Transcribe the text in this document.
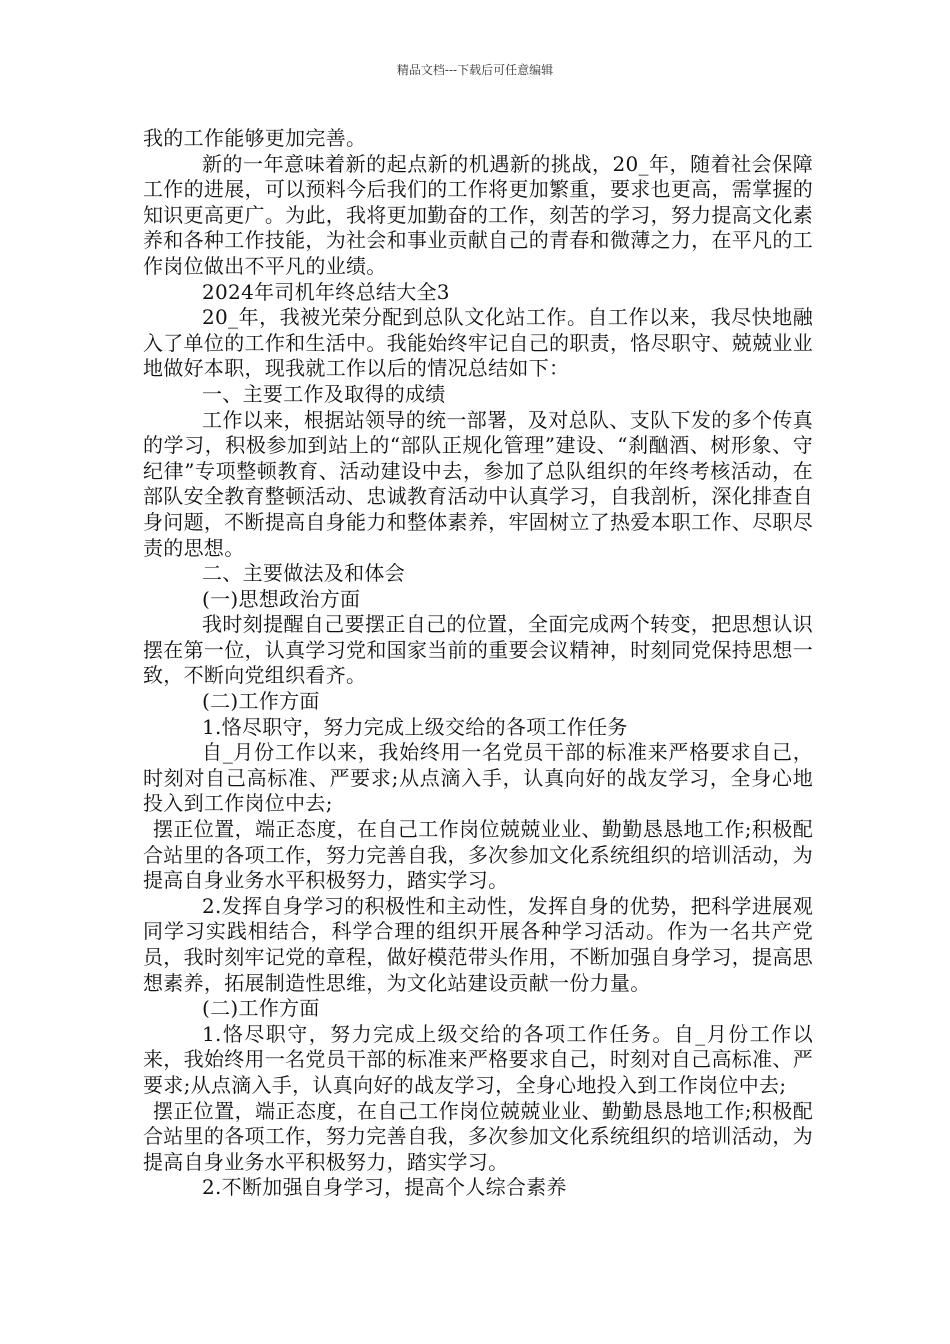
精品文档---下载后可任意编辑

我的工作能够更加完善。

新的一年意味着新的起点新的机遇新的挑战，20_年，随着社会保障工作的进展，可以预料今后我们的工作将更加繁重，要求也更高，需掌握的知识更高更广。为此，我将更加勤奋的工作，刻苦的学习，努力提高文化素养和各种工作技能，为社会和事业贡献自己的青春和微薄之力，在平凡的工作岗位做出不平凡的业绩。

2024年司机年终总结大全3

20_年，我被光荣分配到总队文化站工作。自工作以来，我尽快地融入了单位的工作和生活中。我能始终牢记自己的职责，恪尽职守、兢兢业业地做好本职，现我就工作以后的情况总结如下：

一、主要工作及取得的成绩

工作以来，根据站领导的统一部署，及对总队、支队下发的多个传真的学习，积极参加到站上的“部队正规化管理”建设、“刹酗酒、树形象、守纪律”专项整顿教育、活动建设中去，参加了总队组织的年终考核活动，在部队安全教育整顿活动、忠诚教育活动中认真学习，自我剖析，深化排查自身问题，不断提高自身能力和整体素养，牢固树立了热爱本职工作、尽职尽责的思想。

二、主要做法及和体会

(一)思想政治方面

我时刻提醒自己要摆正自己的位置，全面完成两个转变，把思想认识摆在第一位，认真学习党和国家当前的重要会议精神，时刻同党保持思想一致，不断向党组织看齐。

(二)工作方面

1.恪尽职守，努力完成上级交给的各项工作任务

自_月份工作以来，我始终用一名党员干部的标准来严格要求自己，时刻对自己高标准、严要求;从点滴入手，认真向好的战友学习，全身心地投入到工作岗位中去;

摆正位置，端正态度，在自己工作岗位兢兢业业、勤勤恳恳地工作;积极配合站里的各项工作，努力完善自我，多次参加文化系统组织的培训活动，为提高自身业务水平积极努力，踏实学习。

2.发挥自身学习的积极性和主动性，发挥自身的优势，把科学进展观同学习实践相结合，科学合理的组织开展各种学习活动。作为一名共产党员，我时刻牢记党的章程，做好模范带头作用，不断加强自身学习，提高思想素养，拓展制造性思维，为文化站建设贡献一份力量。

(二)工作方面

1.恪尽职守，努力完成上级交给的各项工作任务。自_月份工作以来，我始终用一名党员干部的标准来严格要求自己，时刻对自己高标准、严要求;从点滴入手，认真向好的战友学习，全身心地投入到工作岗位中去;

摆正位置，端正态度，在自己工作岗位兢兢业业、勤勤恳恳地工作;积极配合站里的各项工作，努力完善自我，多次参加文化系统组织的培训活动，为提高自身业务水平积极努力，踏实学习。

2.不断加强自身学习，提高个人综合素养
